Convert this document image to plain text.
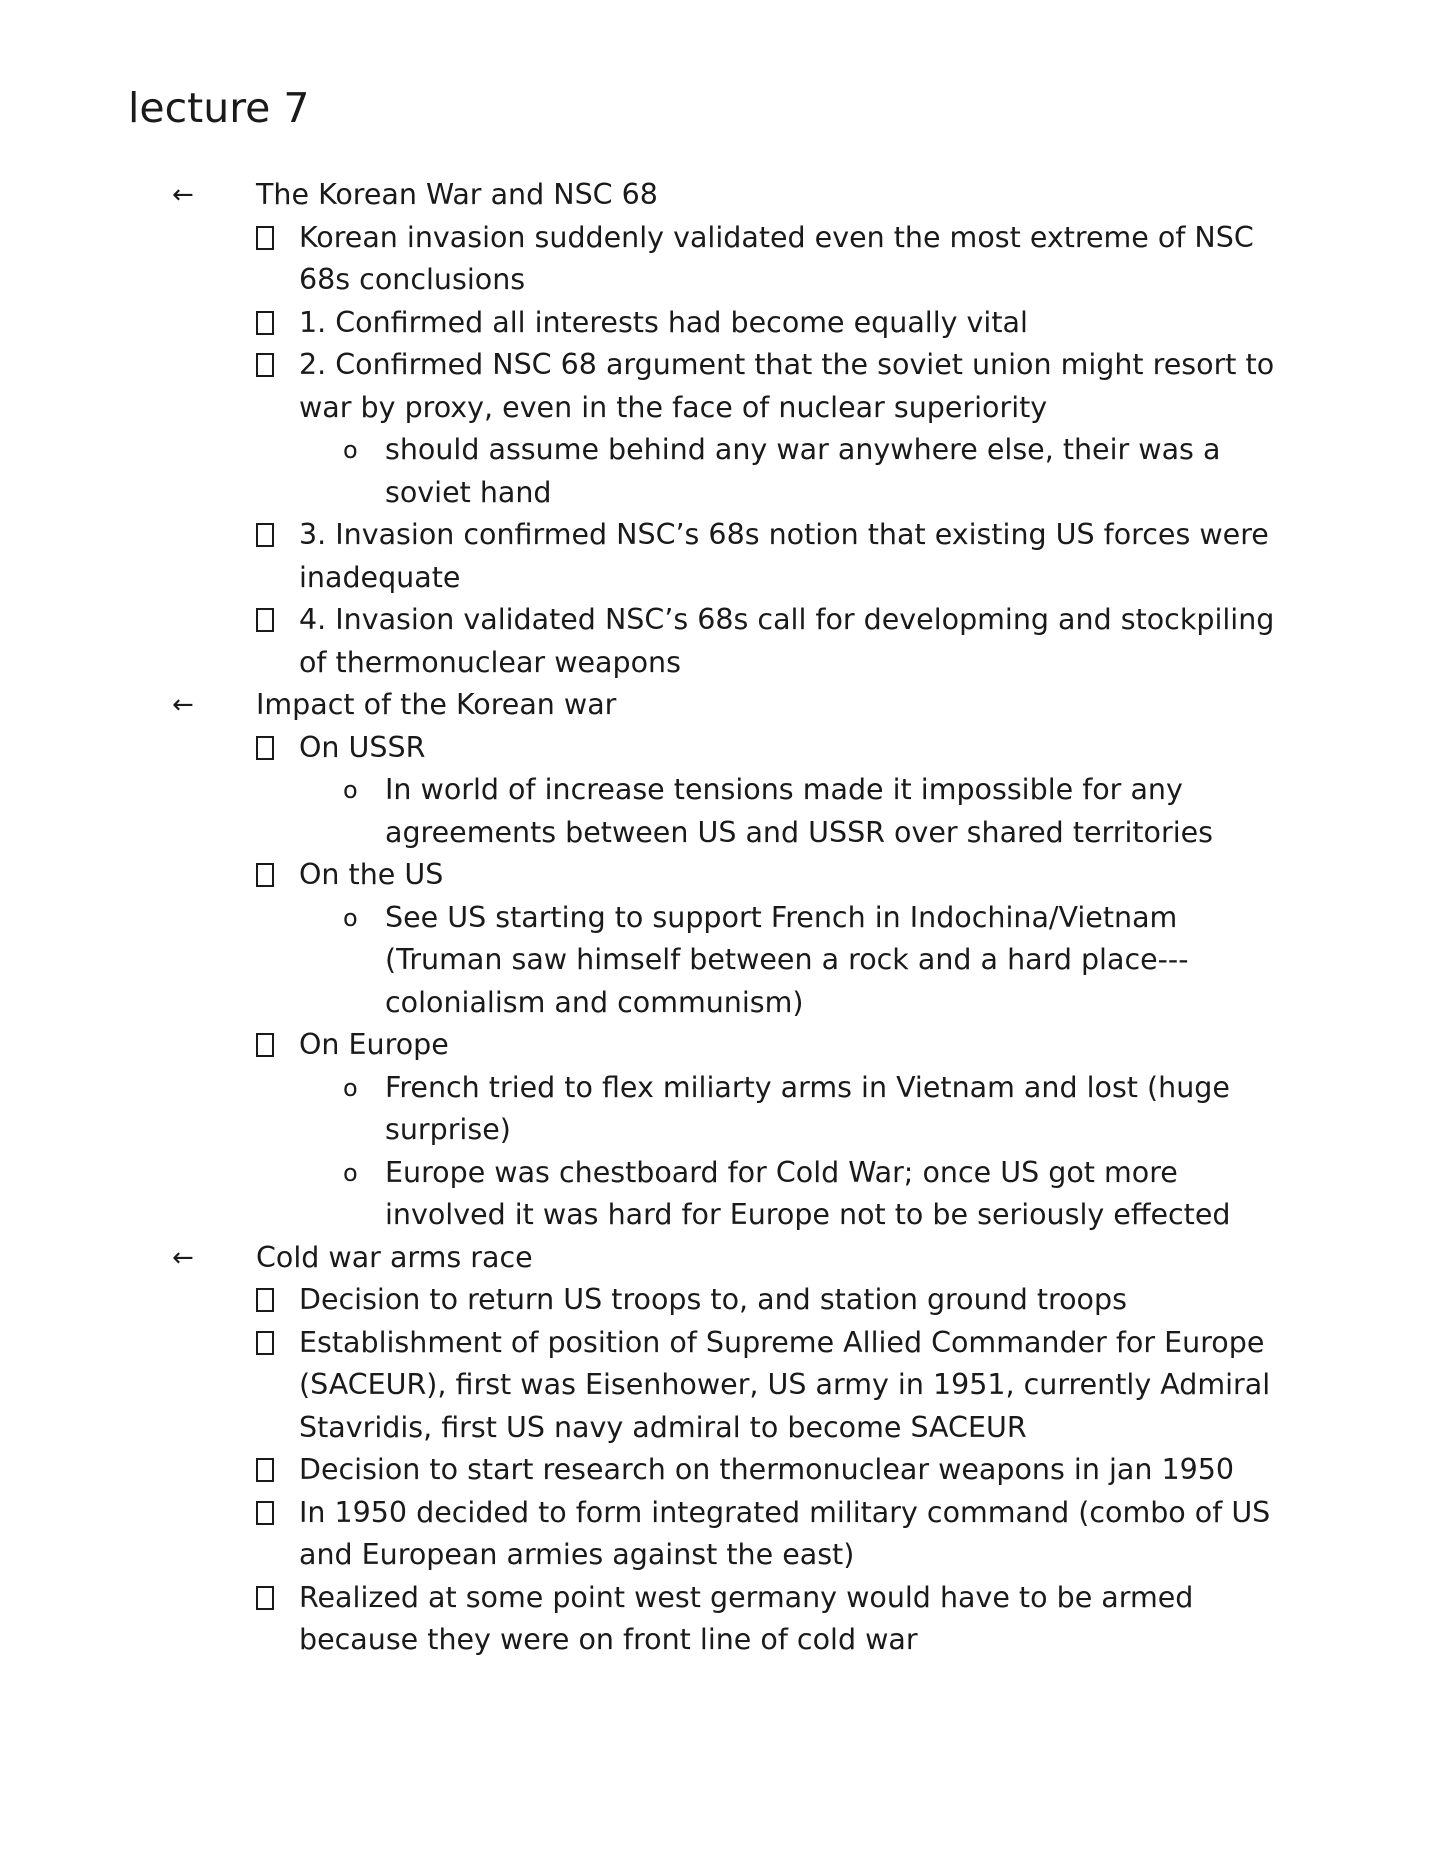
lecture 7
← The Korean War and NSC 68
Korean invasion suddenly validated even the most extreme of NSC 68s conclusions
1. Confirmed all interests had become equally vital
2. Confirmed NSC 68 argument that the soviet union might resort to war by proxy, even in the face of nuclear superiority
o should assume behind any war anywhere else, their was a soviet hand
3. Invasion confirmed NSC’s 68s notion that existing US forces were inadequate
4. Invasion validated NSC’s 68s call for developming and stockpiling of thermonuclear weapons
← Impact of the Korean war
On USSR
o In world of increase tensions made it impossible for any agreements between US and USSR over shared territories
On the US
o See US starting to support French in Indochina/Vietnam (Truman saw himself between a rock and a hard place---colonialism and communism)
On Europe
o French tried to flex miliarty arms in Vietnam and lost (huge surprise)
o Europe was chestboard for Cold War; once US got more involved it was hard for Europe not to be seriously effected
← Cold war arms race
Decision to return US troops to, and station ground troops
Establishment of position of Supreme Allied Commander for Europe (SACEUR), first was Eisenhower, US army in 1951, currently Admiral Stavridis, first US navy admiral to become SACEUR
Decision to start research on thermonuclear weapons in jan 1950
In 1950 decided to form integrated military command (combo of US and European armies against the east)
Realized at some point west germany would have to be armed because they were on front line of cold war
